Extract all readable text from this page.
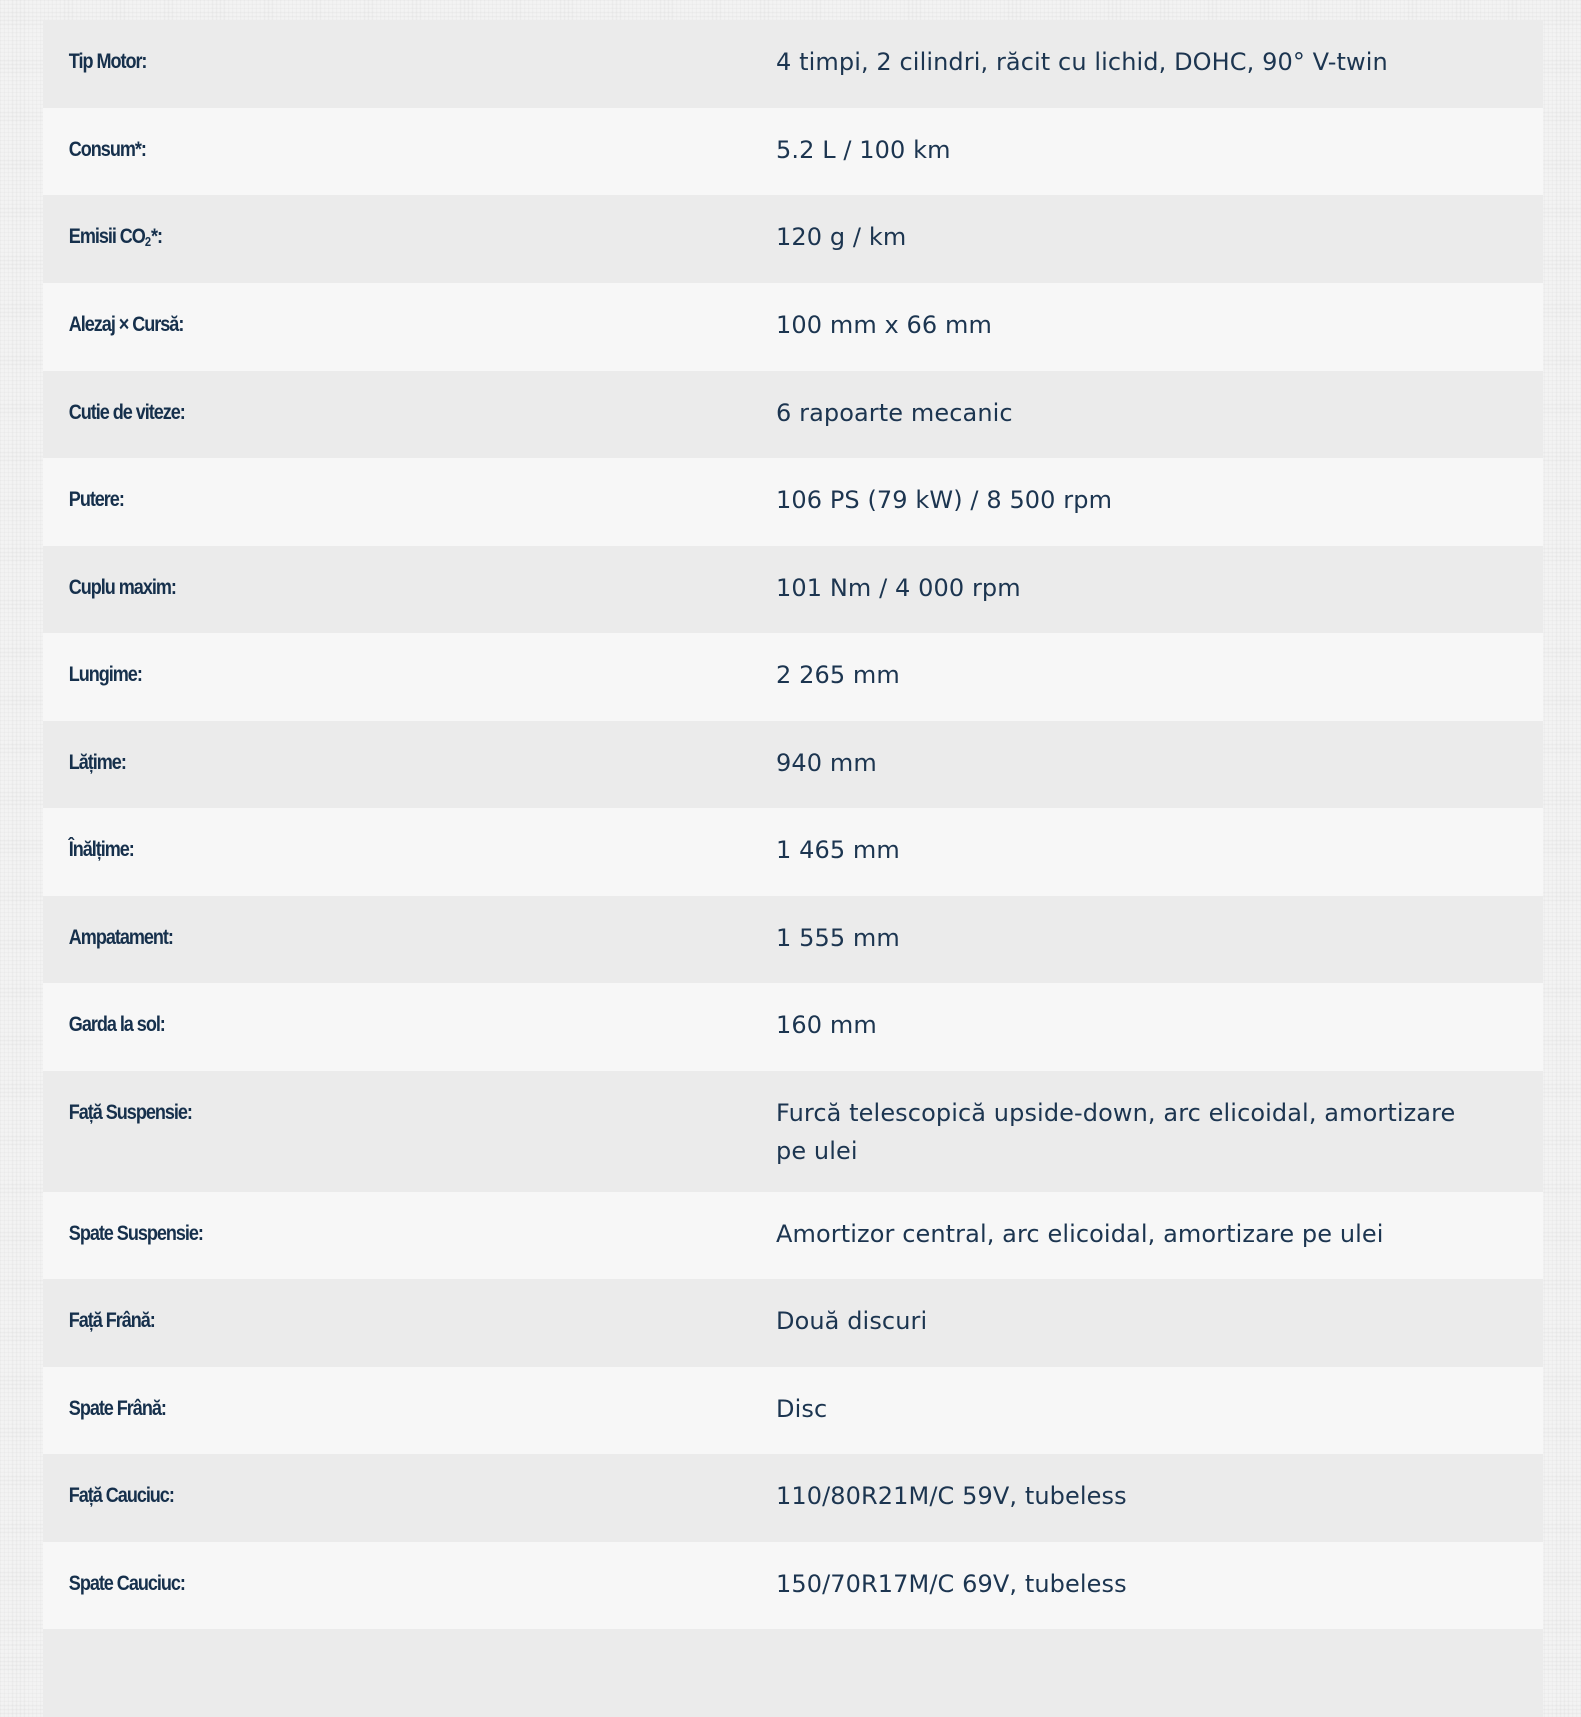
Tip Motor:	4 timpi, 2 cilindri, răcit cu lichid, DOHC, 90° V-twin
Consum*:	5.2 L / 100 km
Emisii $CO_2*$:	120 g / km
Alezaj × Cursă:	100 mm x 66 mm
Cutie de viteze:	6 rapoarte mecanic
Putere:	106 PS (79 kW) / 8 500 rpm
Cuplu maxim:	101 Nm / 4 000 rpm
Lungime:	2 265 mm
Lățime:	940 mm
Înălțime:	1 465 mm
Ampatament:	1 555 mm
Garda la sol:	160 mm
Față Suspensie:	Furcă telescopică upside-down, arc elicoidal, amortizare pe ulei
Spate Suspensie:	Amortizor central, arc elicoidal, amortizare pe ulei
Față Frână:	Două discuri
Spate Frână:	Disc
Față Cauciuc:	110/80R21M/C 59V, tubeless
Spate Cauciuc:	150/70R17M/C 69V, tubeless
